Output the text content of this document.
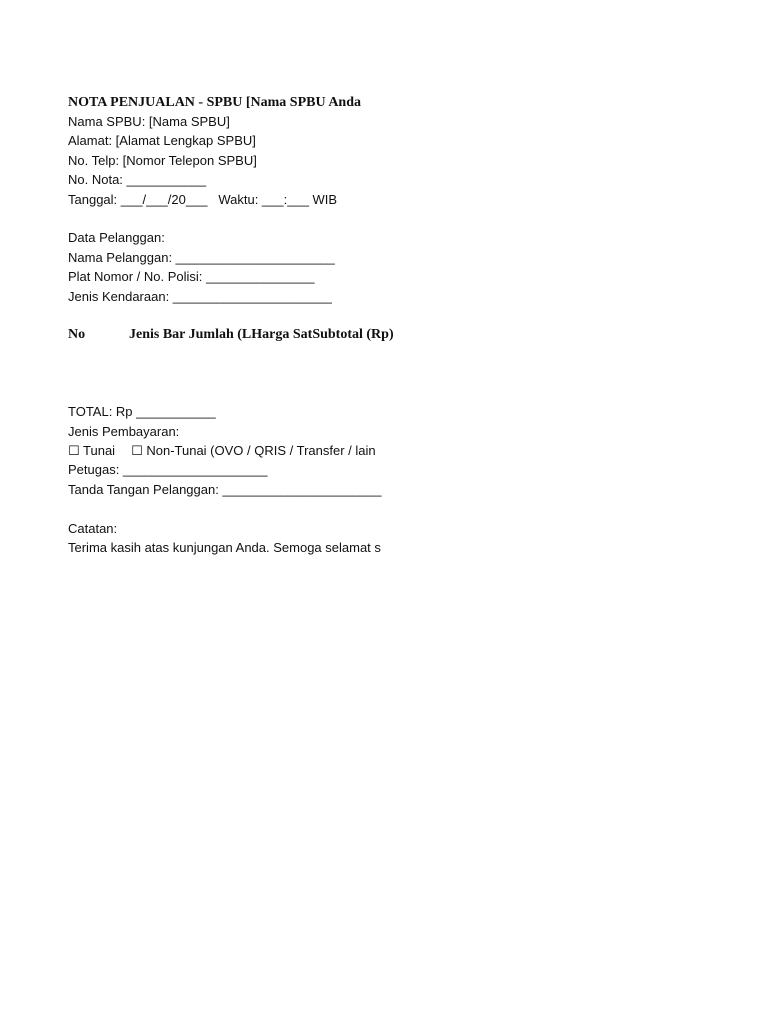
NOTA PENJUALAN - SPBU [Nama SPBU Anda
Nama SPBU: [Nama SPBU]
Alamat: [Alamat Lengkap SPBU]
No. Telp: [Nomor Telepon SPBU]
No. Nota: ___________
Tanggal: ___/___/20___   Waktu: ___:___ WIB
Data Pelanggan:
Nama Pelanggan: ______________________
Plat Nomor / No. Polisi: _______________
Jenis Kendaraan: ______________________

No

	Jenis Bar Jumlah (LHarga SatSubtotal (Rp)

TOTAL: Rp ___________
Jenis Pembayaran:
☐ Tunai ☐ Non-Tunai (OVO / QRIS / Transfer / lain
Petugas: ____________________
Tanda Tangan Pelanggan: ______________________
Catatan:
Terima kasih atas kunjungan Anda. Semoga selamat s
